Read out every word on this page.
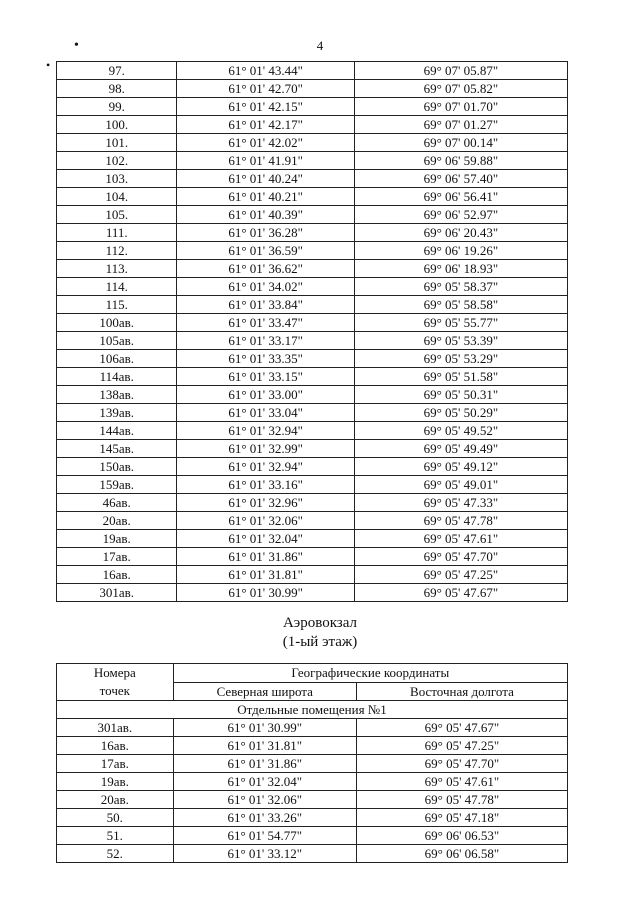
•
•
4
97.	61° 01' 43.44"	69° 07' 05.87"
98.	61° 01' 42.70"	69° 07' 05.82"
99.	61° 01' 42.15"	69° 07' 01.70"
100.	61° 01' 42.17"	69° 07' 01.27"
101.	61° 01' 42.02"	69° 07' 00.14"
102.	61° 01' 41.91"	69° 06' 59.88"
103.	61° 01' 40.24"	69° 06' 57.40"
104.	61° 01' 40.21"	69° 06' 56.41"
105.	61° 01' 40.39"	69° 06' 52.97"
111.	61° 01' 36.28"	69° 06' 20.43"
112.	61° 01' 36.59"	69° 06' 19.26"
113.	61° 01' 36.62"	69° 06' 18.93"
114.	61° 01' 34.02"	69° 05' 58.37"
115.	61° 01' 33.84"	69° 05' 58.58"
100ав.	61° 01' 33.47"	69° 05' 55.77"
105ав.	61° 01' 33.17"	69° 05' 53.39"
106ав.	61° 01' 33.35"	69° 05' 53.29"
114ав.	61° 01' 33.15"	69° 05' 51.58"
138ав.	61° 01' 33.00"	69° 05' 50.31"
139ав.	61° 01' 33.04"	69° 05' 50.29"
144ав.	61° 01' 32.94"	69° 05' 49.52"
145ав.	61° 01' 32.99"	69° 05' 49.49"
150ав.	61° 01' 32.94"	69° 05' 49.12"
159ав.	61° 01' 33.16"	69° 05' 49.01"
46ав.	61° 01' 32.96"	69° 05' 47.33"
20ав.	61° 01' 32.06"	69° 05' 47.78"
19ав.	61° 01' 32.04"	69° 05' 47.61"
17ав.	61° 01' 31.86"	69° 05' 47.70"
16ав.	61° 01' 31.81"	69° 05' 47.25"
301ав.	61° 01' 30.99"	69° 05' 47.67"
Аэровокзал
(1-ый этаж)
Номера точек	Географические координаты	
	Северная широта	Восточная долгота
Отдельные помещения №1		
301ав.	61° 01' 30.99"	69° 05' 47.67"
16ав.	61° 01' 31.81"	69° 05' 47.25"
17ав.	61° 01' 31.86"	69° 05' 47.70"
19ав.	61° 01' 32.04"	69° 05' 47.61"
20ав.	61° 01' 32.06"	69° 05' 47.78"
50.	61° 01' 33.26"	69° 05' 47.18"
51.	61° 01' 54.77"	69° 06' 06.53"
52.	61° 01' 33.12"	69° 06' 06.58"
